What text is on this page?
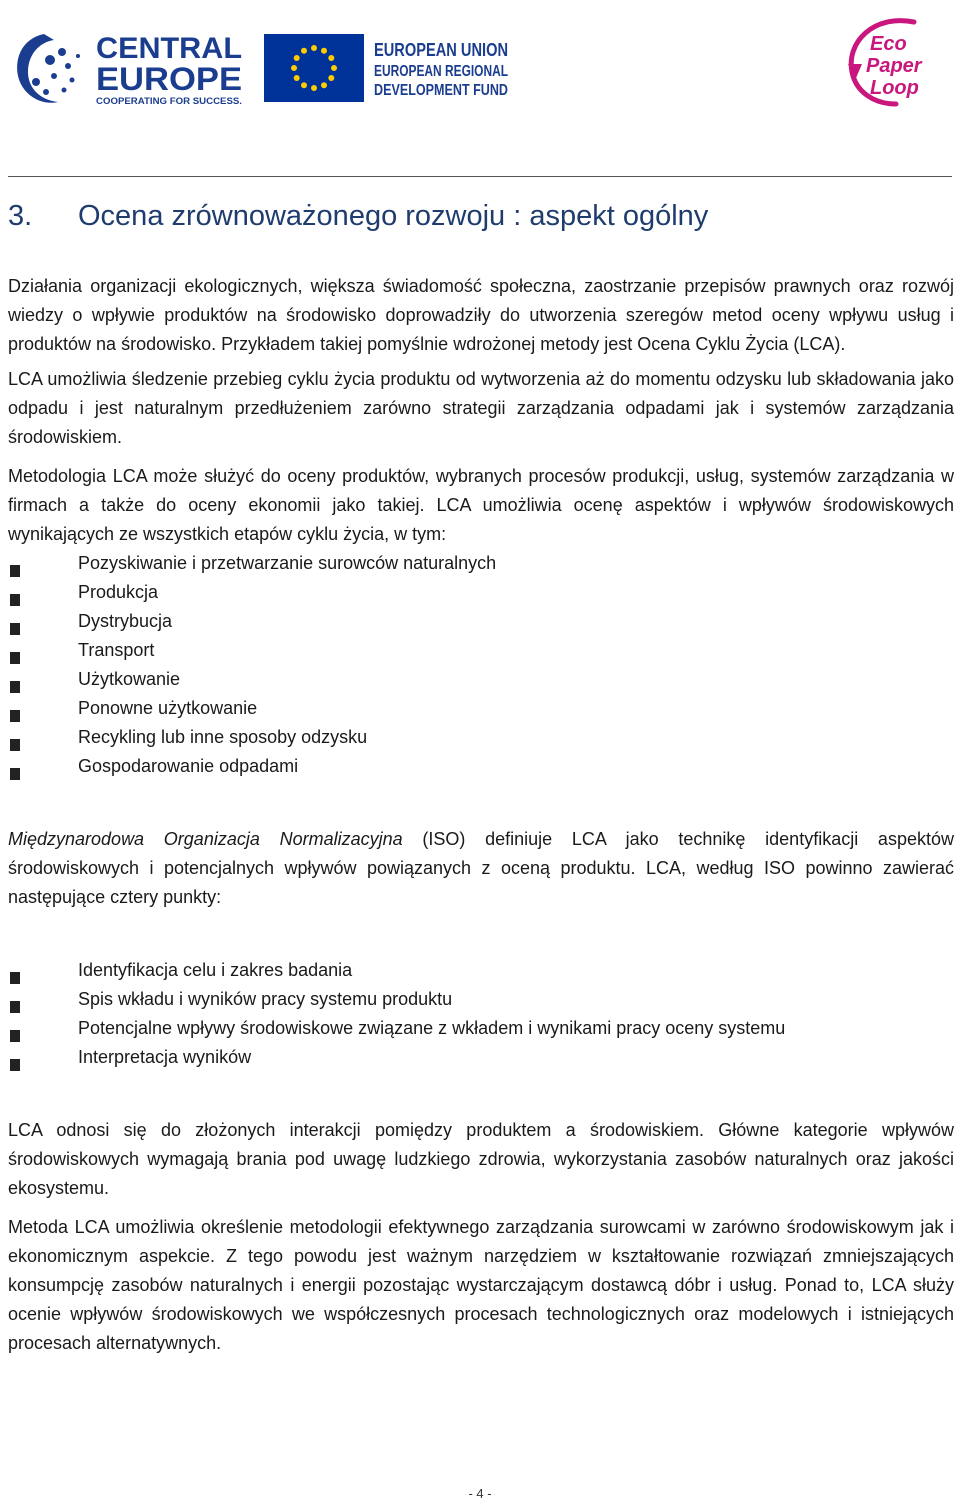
CENTRAL
EUROPE
COOPERATING FOR SUCCESS.
EUROPEAN UNION
EUROPEAN REGIONAL
DEVELOPMENT FUND
Eco
Paper
Loop
3. Ocena zrównoważonego rozwoju : aspekt ogólny

Działania organizacji ekologicznych, większa świadomość społeczna, zaostrzanie przepisów prawnych oraz rozwój wiedzy o wpływie produktów na środowisko doprowadziły do utworzenia szeregów metod oceny wpływu usług i produktów na środowisko. Przykładem takiej pomyślnie wdrożonej metody jest Ocena Cyklu Życia (LCA).

LCA umożliwia śledzenie przebieg cyklu życia produktu od wytworzenia aż do momentu odzysku lub składowania jako odpadu i jest naturalnym przedłużeniem zarówno strategii zarządzania odpadami jak i systemów zarządzania środowiskiem.

Metodologia LCA może służyć do oceny produktów, wybranych procesów produkcji, usług, systemów zarządzania w firmach a także do oceny ekonomii jako takiej. LCA umożliwia ocenę aspektów i wpływów środowiskowych wynikających ze wszystkich etapów cyklu życia, w tym:

Pozyskiwanie i przetwarzanie surowców naturalnych
Produkcja
Dystrybucja
Transport
Użytkowanie
Ponowne użytkowanie
Recykling lub inne sposoby odzysku
Gospodarowanie odpadami

Międzynarodowa Organizacja Normalizacyjna (ISO) definiuje LCA jako technikę identyfikacji aspektów środowiskowych i potencjalnych wpływów powiązanych z oceną produktu. LCA, według ISO powinno zawierać następujące cztery punkty:

Identyfikacja celu i zakres badania
Spis wkładu i wyników pracy systemu produktu
Potencjalne wpływy środowiskowe związane z wkładem i wynikami pracy oceny systemu
Interpretacja wyników

LCA odnosi się do złożonych interakcji pomiędzy produktem a środowiskiem. Główne kategorie wpływów środowiskowych wymagają brania pod uwagę ludzkiego zdrowia, wykorzystania zasobów naturalnych oraz jakości ekosystemu.

Metoda LCA umożliwia określenie metodologii efektywnego zarządzania surowcami w zarówno środowiskowym jak i ekonomicznym aspekcie. Z tego powodu jest ważnym narzędziem w kształtowanie rozwiązań zmniejszających konsumpcję zasobów naturalnych i energii pozostając wystarczającym dostawcą dóbr i usług. Ponad to, LCA służy ocenie wpływów środowiskowych we współczesnych procesach technologicznych oraz modelowych i istniejących procesach alternatywnych.

- 4 -
